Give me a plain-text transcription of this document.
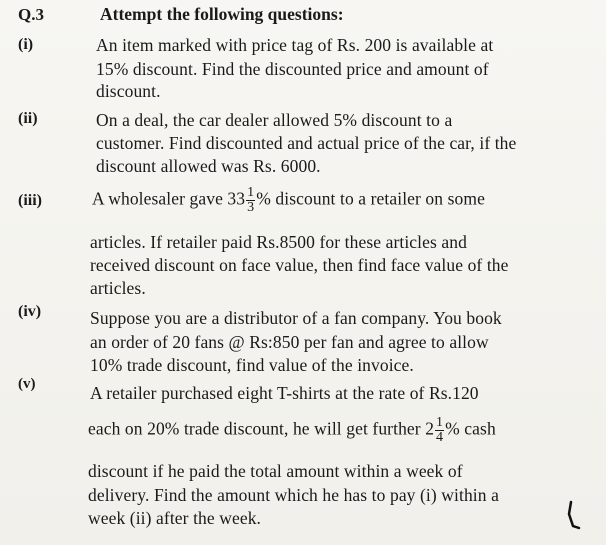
Q.3	Attempt the following questions:
(i)	An item marked with price tag of Rs. 200 is available at
15% discount. Find the discounted price and amount of
discount.
(ii)	On a deal, the car dealer allowed 5% discount to a
customer. Find discounted and actual price of the car, if the
discount allowed was Rs. 6000.
(iii)	A wholesaler gave $33 \frac{1}{3}$ % discount to a retailer on some
articles. If retailer paid Rs.8500 for these articles and
received discount on face value, then find face value of the
articles.
(iv)	Suppose you are a distributor of a fan company. You book
an order of 20 fans @ Rs:850 per fan and agree to allow
10% trade discount, find value of the invoice.
(v)	A retailer purchased eight T-shirts at the rate of Rs.120
each on 20% trade discount, he will get further $2 \frac{1}{4}$ % cash
discount if he paid the total amount within a week of
delivery. Find the amount which he has to pay (i) within a
week (ii) after the week.
